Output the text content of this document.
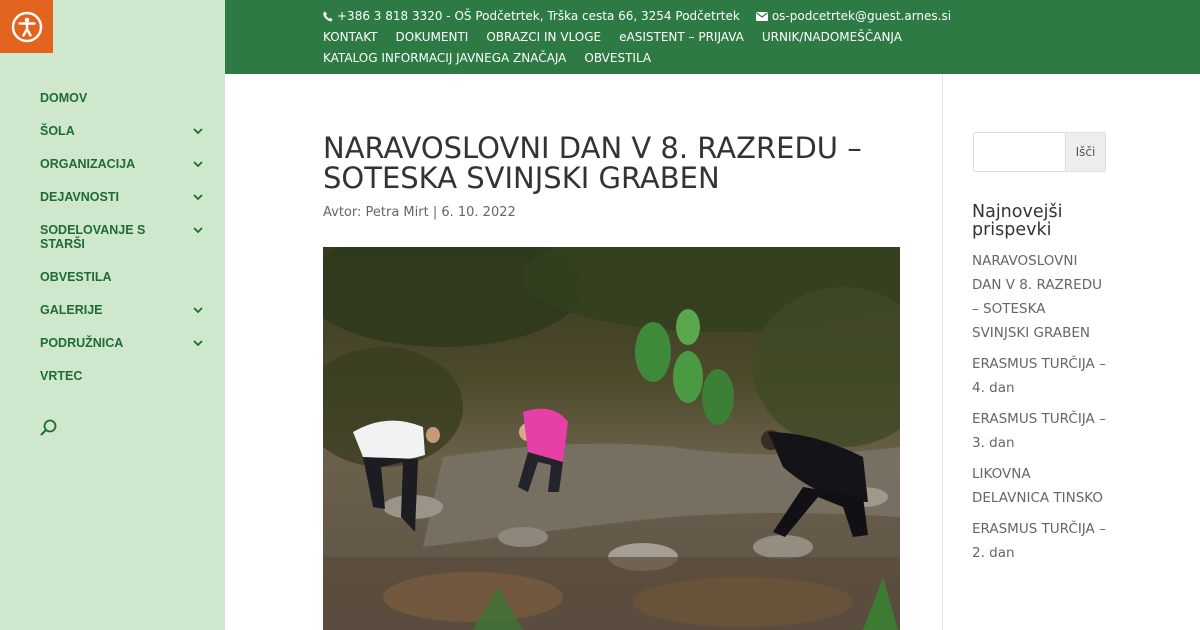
DOMOV
ŠOLA
ORGANIZACIJA
DEJAVNOSTI
SODELOVANJE S STARŠI
OBVESTILA
GALERIJE
PODRUŽNICA
VRTEC
+386 3 818 3320 - OŠ Podčetrtek, Trška cesta 66, 3254 Podčetrtek	os-podcetrtek@guest.arnes.si
KONTAKT DOKUMENTI OBRAZCI IN VLOGE eASISTENT – PRIJAVA URNIK/NADOMEŠČANJA
KATALOG INFORMACIJ JAVNEGA ZNAČAJA OBVESTILA
NARAVOSLOVNI DAN V 8. RAZREDU – SOTESKA SVINJSKI GRABEN
Avtor: Petra Mirt | 6. 10. 2022
Išči
Najnovejši prispevki
NARAVOSLOVNI DAN V 8. RAZREDU – SOTESKA SVINJSKI GRABEN
ERASMUS TURČIJA – 4. dan
ERASMUS TURČIJA – 3. dan
LIKOVNA DELAVNICA TINSKO
ERASMUS TURČIJA – 2. dan
